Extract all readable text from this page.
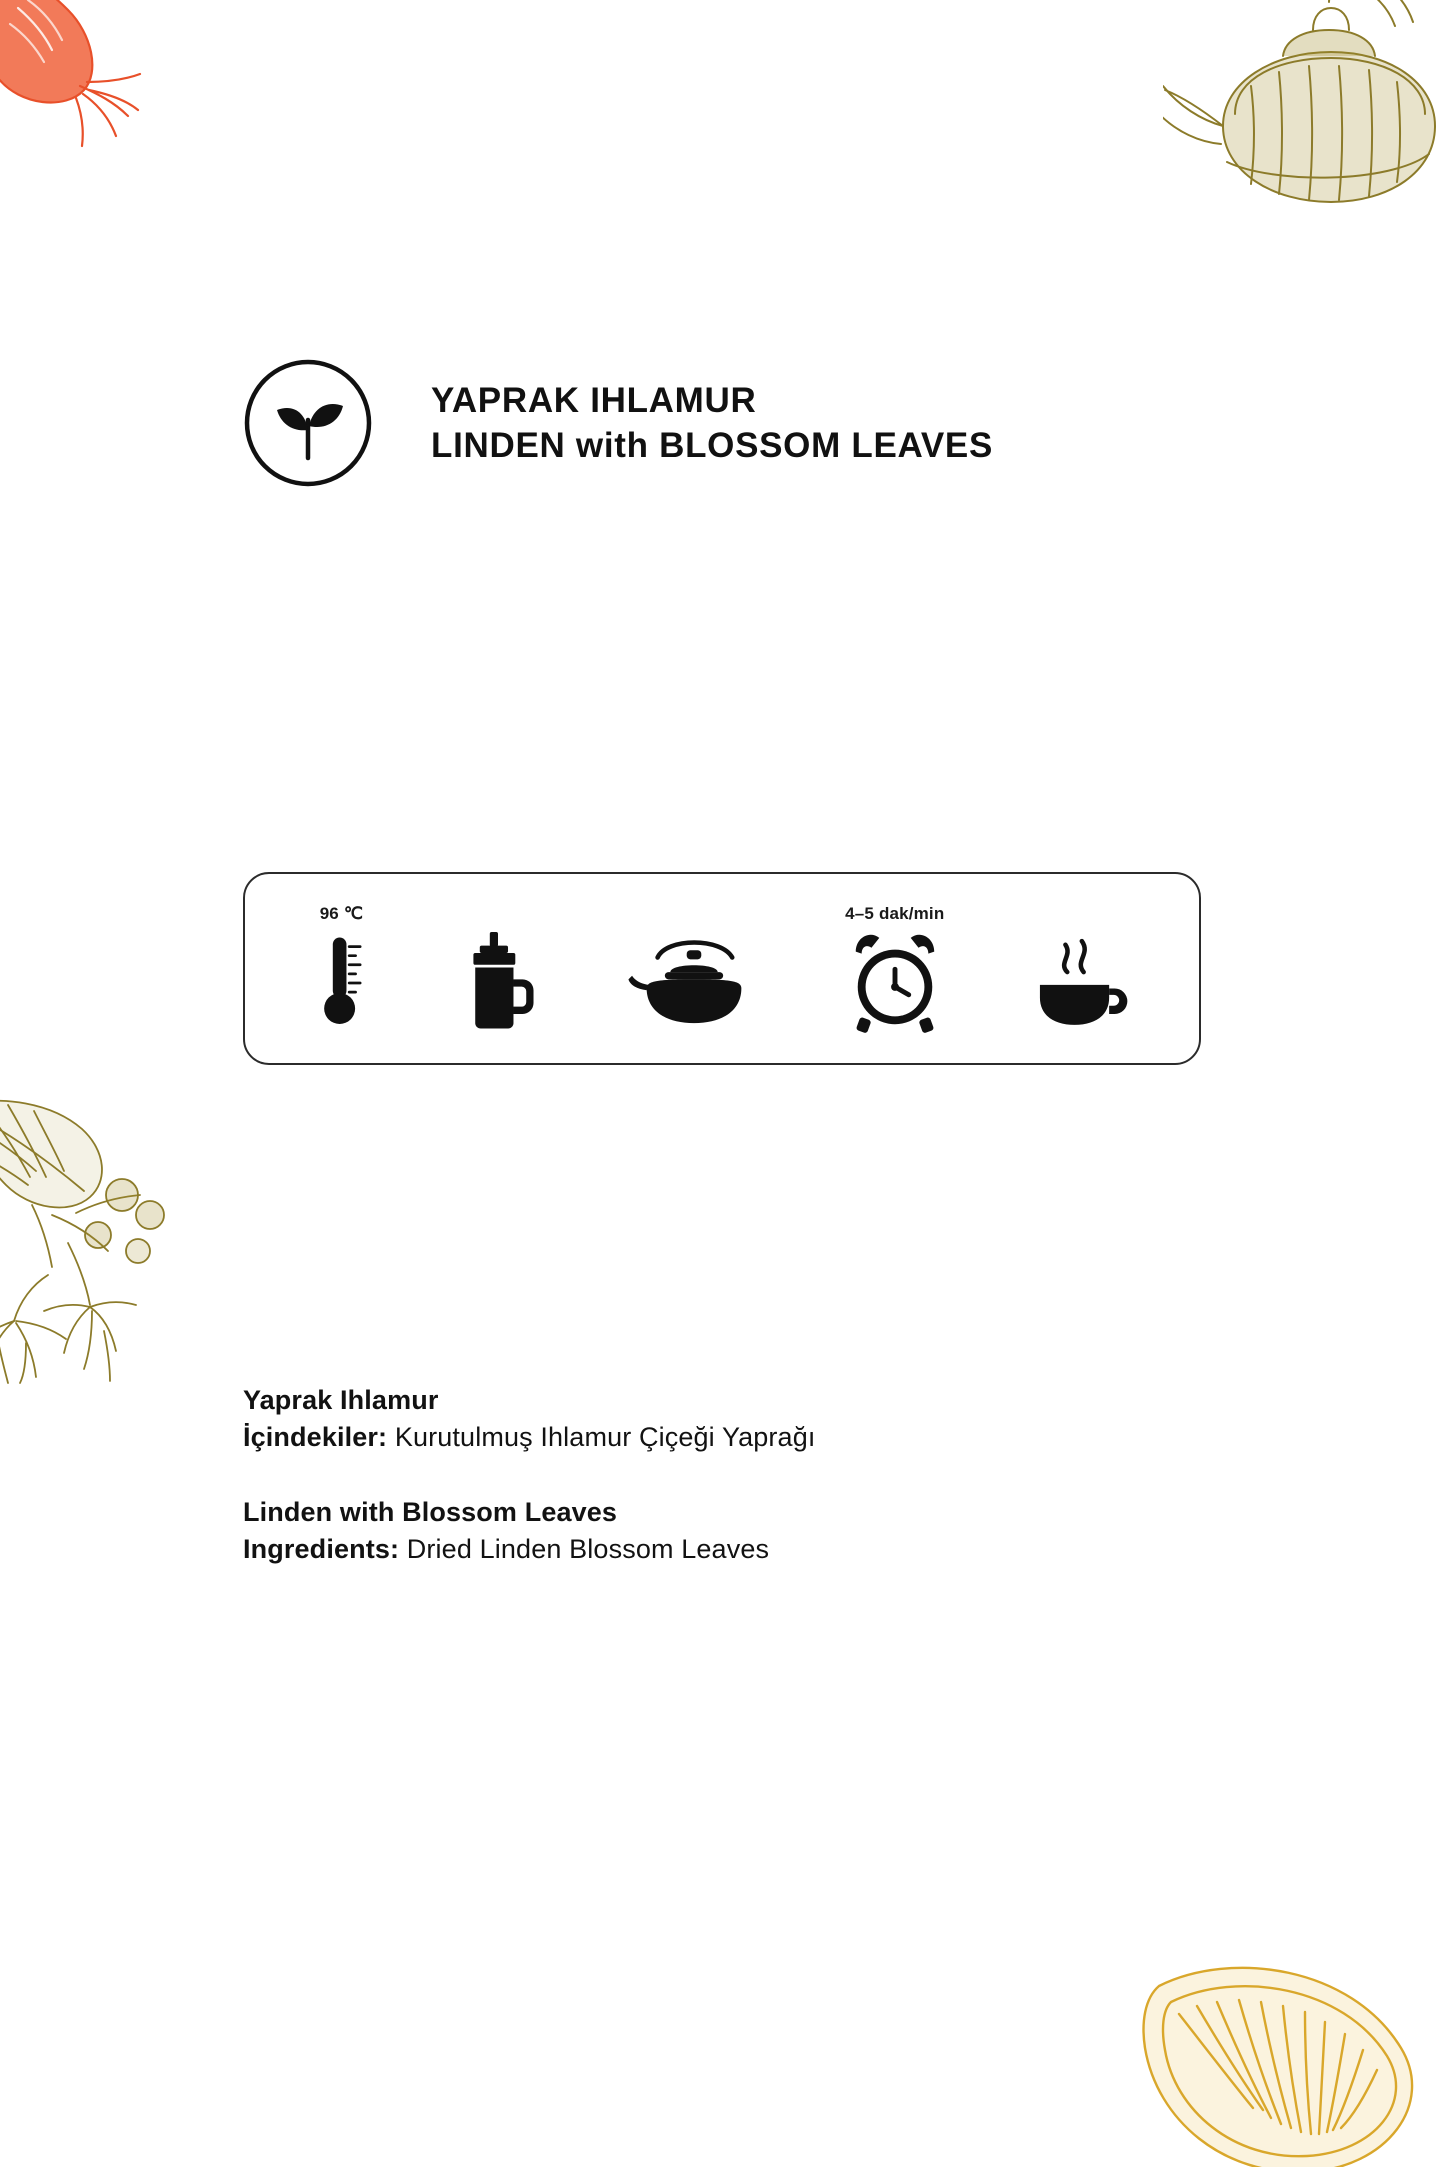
YAPRAK IHLAMUR
LINDEN with BLOSSOM LEAVES
96 ℃	4–5 dak/min

Yaprak Ihlamur

İçindekiler: Kurutulmuş Ihlamur Çiçeği Yaprağı

Linden with Blossom Leaves

Ingredients: Dried Linden Blossom Leaves
